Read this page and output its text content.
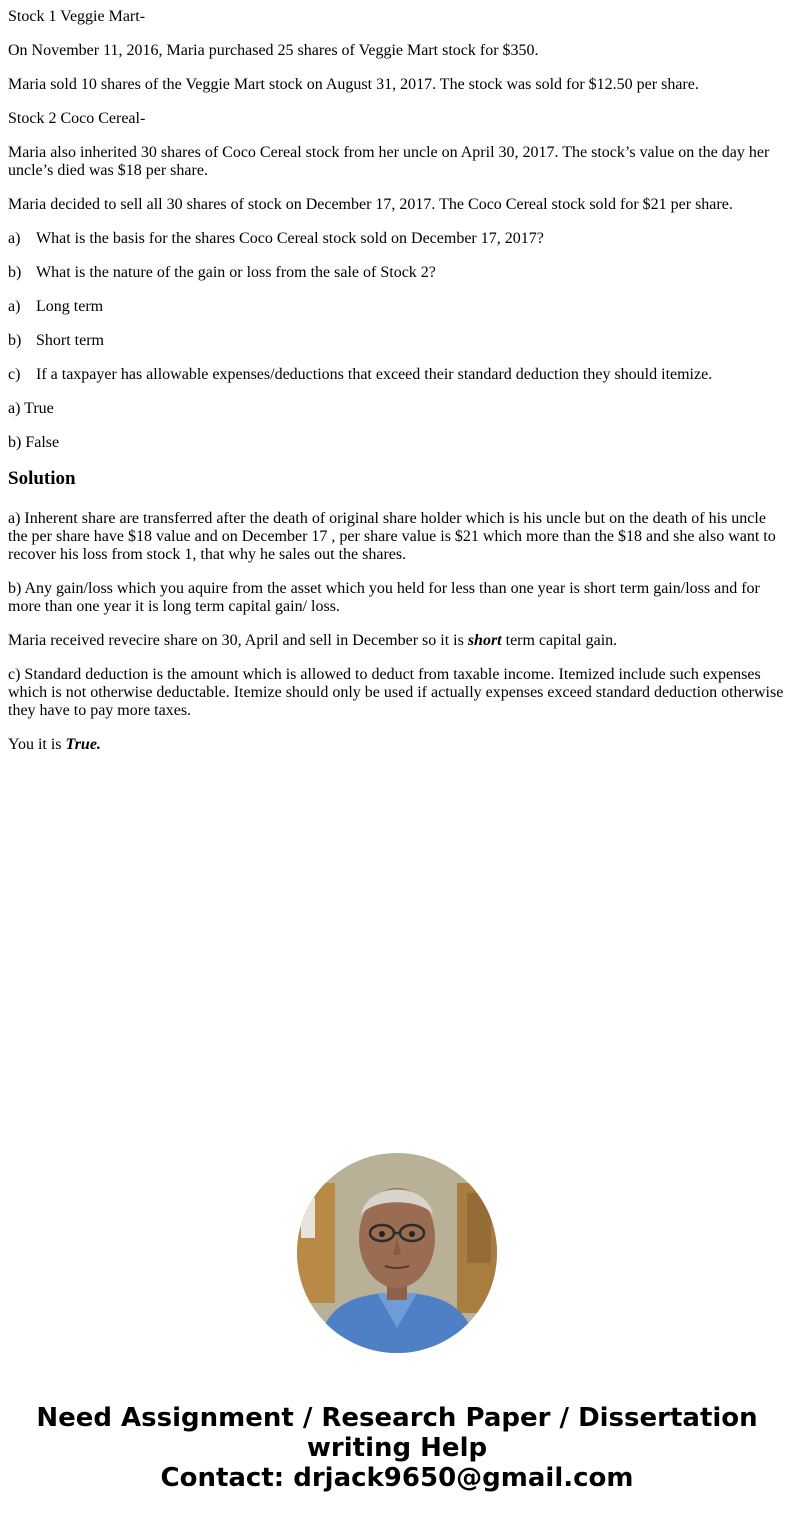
Stock 1 Veggie Mart-

On November 11, 2016, Maria purchased 25 shares of Veggie Mart stock for $350.

Maria sold 10 shares of the Veggie Mart stock on August 31, 2017. The stock was sold for $12.50 per share.

Stock 2 Coco Cereal-

Maria also inherited 30 shares of Coco Cereal stock from her uncle on April 30, 2017. The stock’s value on the day her uncle’s died was $18 per share.

Maria decided to sell all 30 shares of stock on December 17, 2017. The Coco Cereal stock sold for $21 per share.

a) What is the basis for the shares Coco Cereal stock sold on December 17, 2017?

b) What is the nature of the gain or loss from the sale of Stock 2?

a) Long term

b) Short term

c) If a taxpayer has allowable expenses/deductions that exceed their standard deduction they should itemize.

a) True

b) False

Solution

a) Inherent share are transferred after the death of original share holder which is his uncle but on the death of his uncle the per share have $18 value and on December 17 , per share value is $21 which more than the $18 and she also want to recover his loss from stock 1, that why he sales out the shares.

b) Any gain/loss which you aquire from the asset which you held for less than one year is short term gain/loss and for more than one year it is long term capital gain/ loss.

Maria received revecire share on 30, April and sell in December so it is short term capital gain.

c) Standard deduction is the amount which is allowed to deduct from taxable income. Itemized include such expenses which is not otherwise deductable. Itemize should only be used if actually expenses exceed standard deduction otherwise they have to pay more taxes.

You it is True.

Need Assignment / Research Paper / Dissertation
writing Help
Contact: drjack9650@gmail.com
